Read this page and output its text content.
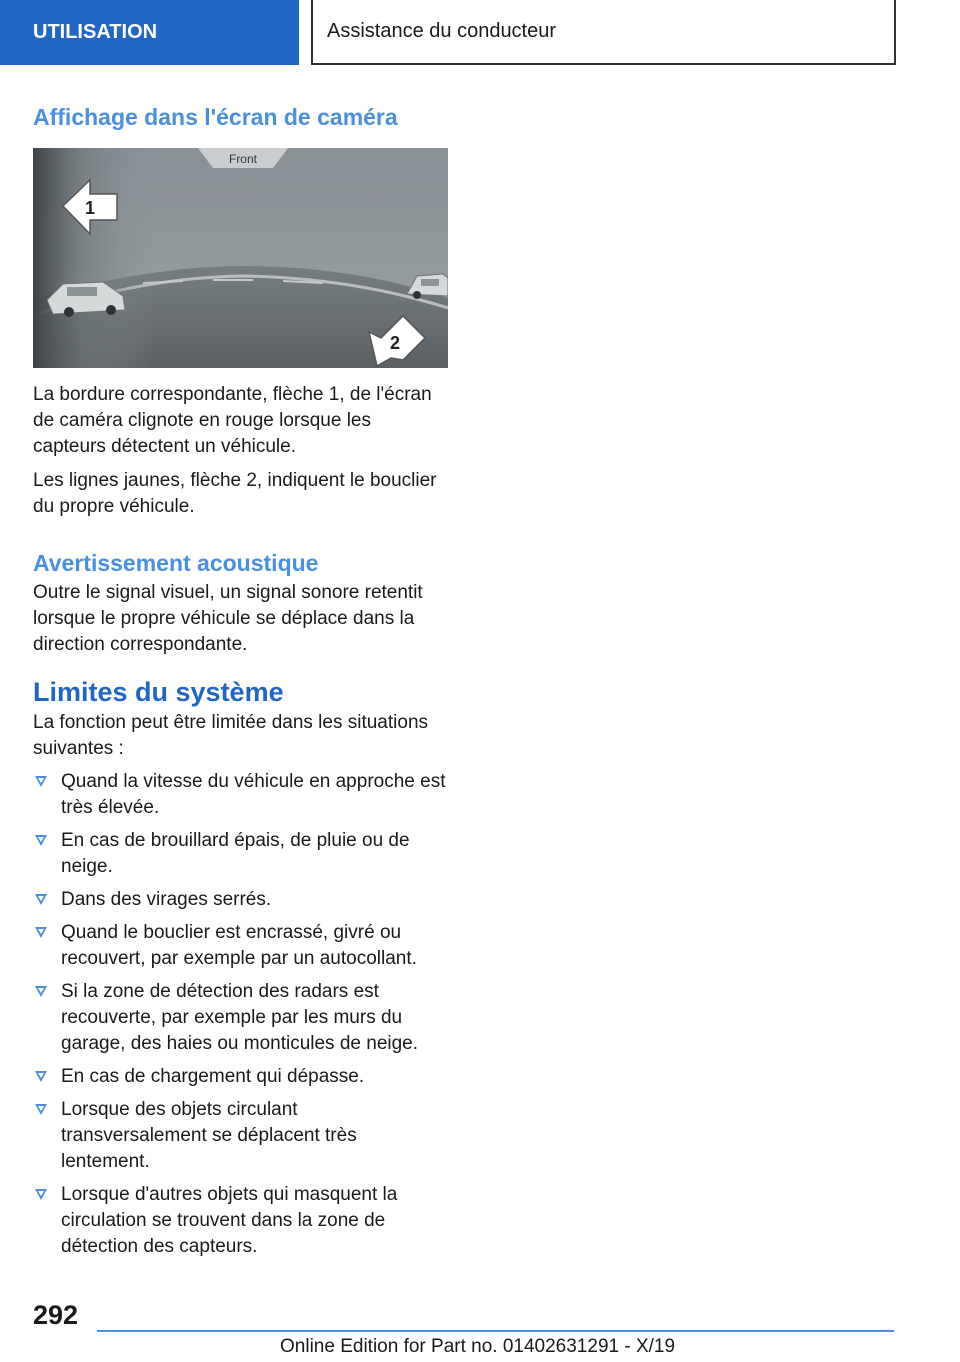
UTILISATION	Assistance du conducteur
Affichage dans l'écran de caméra
Front
1
2

La bordure correspondante, flèche 1, de l'écran de caméra clignote en rouge lorsque les capteurs détectent un véhicule.

Les lignes jaunes, flèche 2, indiquent le bouclier du propre véhicule.

Avertissement acoustique

Outre le signal visuel, un signal sonore retentit lorsque le propre véhicule se déplace dans la direction correspondante.

Limites du système

La fonction peut être limitée dans les situations suivantes :

Quand la vitesse du véhicule en approche est très élevée.
En cas de brouillard épais, de pluie ou de neige.
Dans des virages serrés.
Quand le bouclier est encrassé, givré ou recouvert, par exemple par un autocollant.
Si la zone de détection des radars est recouverte, par exemple par les murs du garage, des haies ou monticules de neige.
En cas de chargement qui dépasse.
Lorsque des objets circulant transversalement se déplacent très lentement.
Lorsque d'autres objets qui masquent la circulation se trouvent dans la zone de détection des capteurs.
292
Online Edition for Part no. 01402631291 - X/19
